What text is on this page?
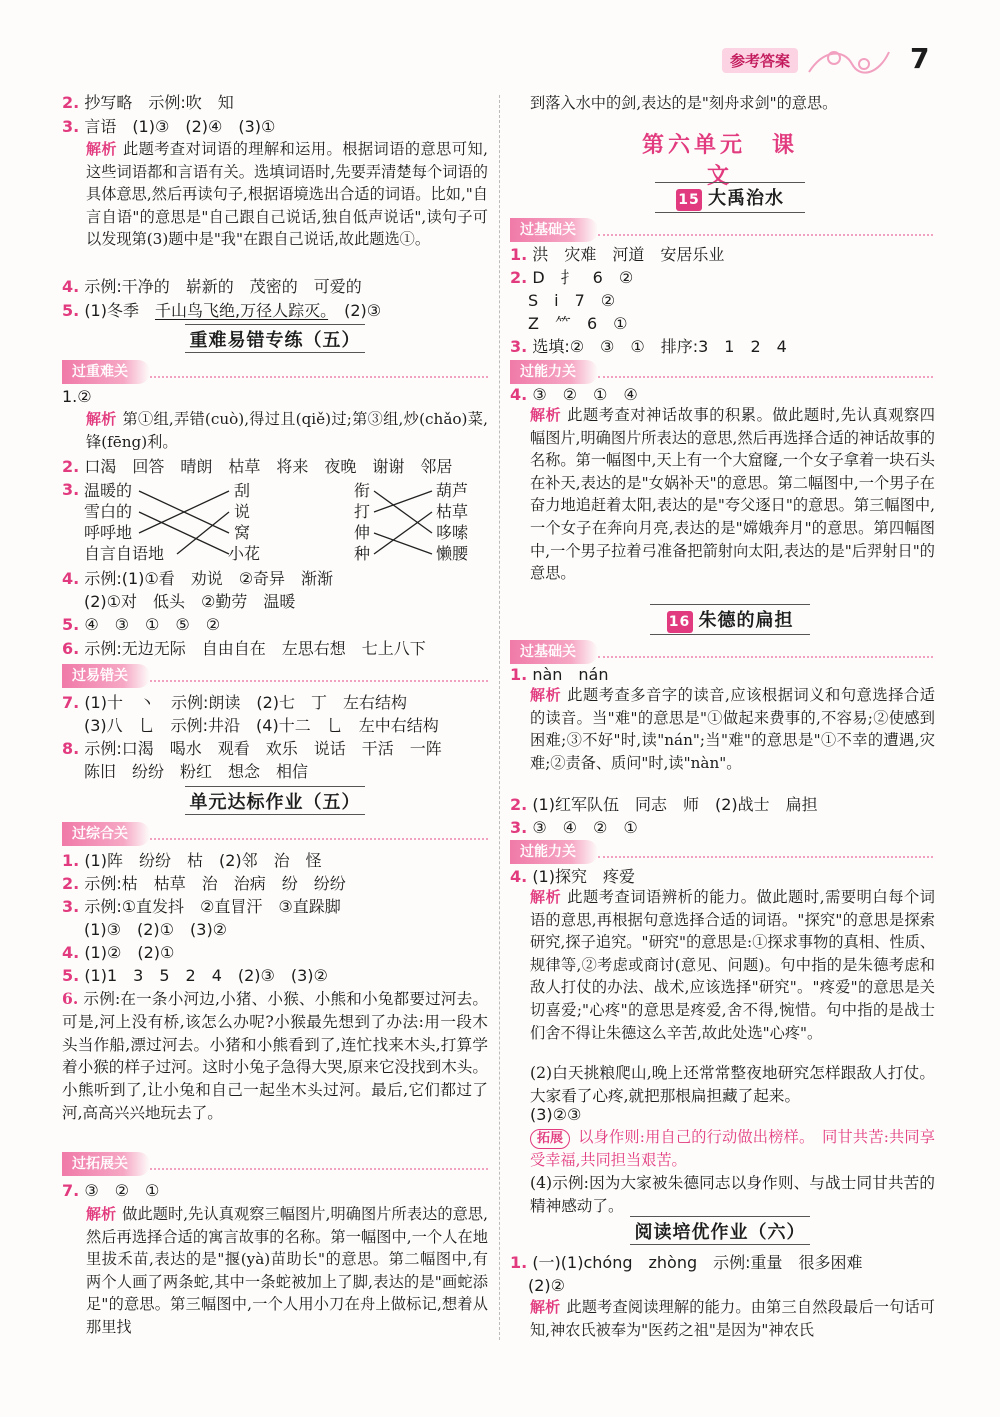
参考答案	7
2. 抄写略　示例:吹　知
3. 言语　(1)③　(2)④　(3)①
解析 此题考查对词语的理解和运用。根据词语的意思可知,这些词语都和言语有关。选填词语时,先要弄清楚每个词语的具体意思,然后再读句子,根据语境选出合适的词语。比如,"自言自语"的意思是"自己跟自己说话,独自低声说话",读句子可以发现第(3)题中是"我"在跟自己说话,故此题选①。
4. 示例:干净的　崭新的　茂密的　可爱的
5. (1)冬季　千山鸟飞绝,万径人踪灭。　(2)③
重难易错专练（五）
过重难关
1.②
解析 第①组,弄错(cuò),得过且(qiě)过;第③组,炒(chǎo)菜,锋(fēng)利。
2. 口渴　回答　晴朗　枯草　将来　夜晚　谢谢　邻居
3. 温暖的
雪白的
呼呼地
自言自语地
刮
说
窝
小花
衔
打
伸
种
葫芦
枯草
哆嗦
懒腰
4. 示例:(1)①看　劝说　②奇异　渐渐
(2)①对　低头　②勤劳　温暖
5. ④　③　①　⑤　②
6. 示例:无边无际　自由自在　左思右想　七上八下
过易错关
7. (1)十　丶　示例:朗读　(2)七　丁　左右结构
(3)八　乚　示例:井沿　(4)十二　乚　左中右结构
8. 示例:口渴　喝水　观看　欢乐　说话　干活　一阵
陈旧　纷纷　粉红　想念　相信
单元达标作业（五）
过综合关
1. (1)阵　纷纷　枯　(2)邻　治　怪
2. 示例:枯　枯草　治　治病　纷　纷纷
3. 示例:①直发抖　②直冒汗　③直跺脚
(1)③　(2)①　(3)②
4. (1)②　(2)①
5. (1)1　3　5　2　4　(2)③　(3)②
6. 示例:在一条小河边,小猪、小猴、小熊和小兔都要过河去。可是,河上没有桥,该怎么办呢?小猴最先想到了办法:用一段木头当作船,漂过河去。小猪和小熊看到了,连忙找来木头,打算学着小猴的样子过河。这时小兔子急得大哭,原来它没找到木头。小熊听到了,让小兔和自己一起坐木头过河。最后,它们都过了河,高高兴兴地玩去了。
过拓展关
7. ③　②　①
解析 做此题时,先认真观察三幅图片,明确图片所表达的意思,然后再选择合适的寓言故事的名称。第一幅图中,一个人在地里拔禾苗,表达的是"揠(yà)苗助长"的意思。第二幅图中,有两个人画了两条蛇,其中一条蛇被加上了脚,表达的是"画蛇添足"的意思。第三幅图中,一个人用小刀在舟上做标记,想着从那里找
到落入水中的剑,表达的是"刻舟求剑"的意思。
第六单元　课　文
15 大禹治水
过基础关
1. 洪　灾难　河道　安居乐业
2. D　扌　6　②
S　ⅰ　7　②
Z　⺮　6　①
3. 选填:②　③　①　排序:3　1　2　4
过能力关
4. ③　②　①　④
解析 此题考查对神话故事的积累。做此题时,先认真观察四幅图片,明确图片所表达的意思,然后再选择合适的神话故事的名称。第一幅图中,天上有一个大窟窿,一个女子拿着一块石头在补天,表达的是"女娲补天"的意思。第二幅图中,一个男子在奋力地追赶着太阳,表达的是"夸父逐日"的意思。第三幅图中,一个女子在奔向月亮,表达的是"嫦娥奔月"的意思。第四幅图中,一个男子拉着弓准备把箭射向太阳,表达的是"后羿射日"的意思。
16 朱德的扁担
过基础关
1. nàn　nán
解析 此题考查多音字的读音,应该根据词义和句意选择合适的读音。当"难"的意思是"①做起来费事的,不容易;②使感到困难;③不好"时,读"nán";当"难"的意思是"①不幸的遭遇,灾难;②责备、质问"时,读"nàn"。
2. (1)红军队伍　同志　师　(2)战士　扁担
3. ③　④　②　①
过能力关
4. (1)探究　疼爱
解析 此题考查词语辨析的能力。做此题时,需要明白每个词语的意思,再根据句意选择合适的词语。"探究"的意思是探索研究,探子追究。"研究"的意思是:①探求事物的真相、性质、规律等,②考虑或商讨(意见、问题)。句中指的是朱德考虑和敌人打仗的办法、战术,应该选择"研究"。"疼爱"的意思是关切喜爱;"心疼"的意思是疼爱,舍不得,惋惜。句中指的是战士们舍不得让朱德这么辛苦,故此处选"心疼"。
(2)白天挑粮爬山,晚上还常常整夜地研究怎样跟敌人打仗。大家看了心疼,就把那根扁担藏了起来。
(3)②③
拓展 以身作则:用自己的行动做出榜样。　同甘共苦:共同享受幸福,共同担当艰苦。
(4)示例:因为大家被朱德同志以身作则、与战士同甘共苦的精神感动了。
阅读培优作业（六）
1. (一)(1)chóng　zhòng　示例:重量　很多困难
(2)②
解析 此题考查阅读理解的能力。由第三自然段最后一句话可知,神农氏被奉为"医药之祖"是因为"神农氏
